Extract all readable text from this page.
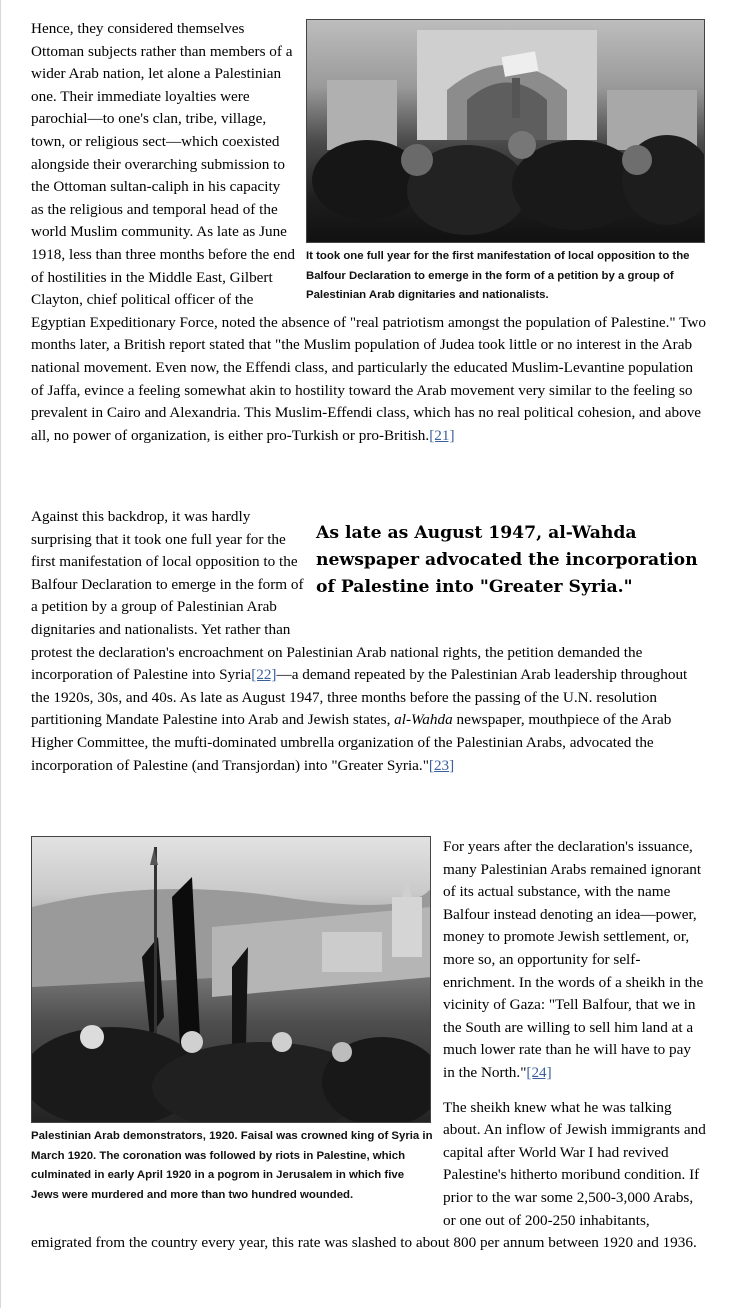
It took one full year for the first manifestation of local opposition to the Balfour Declaration to emerge in the form of a petition by a group of Palestinian Arab dignitaries and nationalists.
Hence, they considered themselves Ottoman subjects rather than members of a wider Arab nation, let alone a Palestinian one. Their immediate loyalties were parochial—to one's clan, tribe, village, town, or religious sect—which coexisted alongside their overarching submission to the Ottoman sultan-caliph in his capacity as the religious and temporal head of the world Muslim community. As late as June 1918, less than three months before the end of hostilities in the Middle East, Gilbert Clayton, chief political officer of the Egyptian Expeditionary Force, noted the absence of "real patriotism amongst the population of Palestine." Two months later, a British report stated that "the Muslim population of Judea took little or no interest in the Arab national movement. Even now, the Effendi class, and particularly the educated Muslim-Levantine population of Jaffa, evince a feeling somewhat akin to hostility toward the Arab movement very similar to the feeling so prevalent in Cairo and Alexandria. This Muslim-Effendi class, which has no real political cohesion, and above all, no power of organization, is either pro-Turkish or pro-British.[21]
As late as August 1947, al-Wahda newspaper advocated the incorporation of Palestine into "Greater Syria."
Against this backdrop, it was hardly surprising that it took one full year for the first manifestation of local opposition to the Balfour Declaration to emerge in the form of a petition by a group of Palestinian Arab dignitaries and nationalists. Yet rather than protest the declaration's encroachment on Palestinian Arab national rights, the petition demanded the incorporation of Palestine into Syria[22]—a demand repeated by the Palestinian Arab leadership throughout the 1920s, 30s, and 40s. As late as August 1947, three months before the passing of the U.N. resolution partitioning Mandate Palestine into Arab and Jewish states, al-Wahda newspaper, mouthpiece of the Arab Higher Committee, the mufti-dominated umbrella organization of the Palestinian Arabs, advocated the incorporation of Palestine (and Transjordan) into "Greater Syria."[23]
Palestinian Arab demonstrators, 1920. Faisal was crowned king of Syria in March 1920. The coronation was followed by riots in Palestine, which culminated in early April 1920 in a pogrom in Jerusalem in which five Jews were murdered and more than two hundred wounded.
For years after the declaration's issuance, many Palestinian Arabs remained ignorant of its actual substance, with the name Balfour instead denoting an idea—power, money to promote Jewish settlement, or, more so, an opportunity for self-enrichment. In the words of a sheikh in the vicinity of Gaza: "Tell Balfour, that we in the South are willing to sell him land at a much lower rate than he will have to pay in the North."[24]
The sheikh knew what he was talking about. An inflow of Jewish immigrants and capital after World War I had revived Palestine's hitherto moribund condition. If prior to the war some 2,500-3,000 Arabs, or one out of 200-250 inhabitants, emigrated from the country every year, this rate was slashed to about 800 per annum between 1920 and 1936.
